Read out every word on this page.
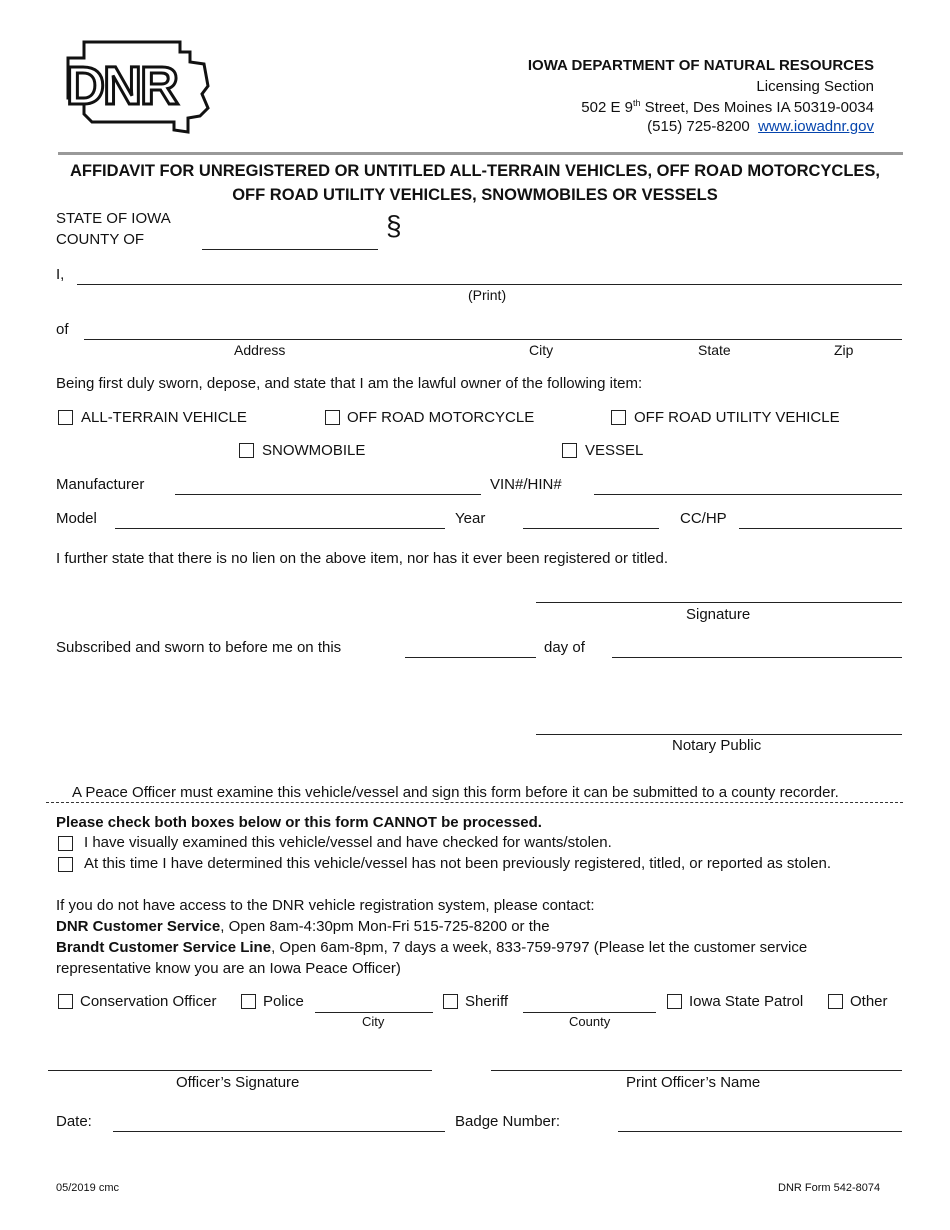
DNR	IOWA DEPARTMENT OF NATURAL RESOURCES
Licensing Section
502 E 9th Street, Des Moines IA 50319-0034
(515) 725-8200 www.iowadnr.gov
AFFIDAVIT FOR UNREGISTERED OR UNTITLED ALL-TERRAIN VEHICLES, OFF ROAD MOTORCYCLES,
OFF ROAD UTILITY VEHICLES, SNOWMOBILES OR VESSELS
STATE OF IOWA
COUNTY OF	§
I,
(Print)
of
Address	City	State	Zip
Being first duly sworn, depose, and state that I am the lawful owner of the following item:
ALL-TERRAIN VEHICLE	OFF ROAD MOTORCYCLE	OFF ROAD UTILITY VEHICLE
SNOWMOBILE	VESSEL
Manufacturer	VIN#/HIN#
Model	Year	CC/HP
I further state that there is no lien on the above item, nor has it ever been registered or titled.
Signature
Subscribed and sworn to before me on this	day of
Notary Public
A Peace Officer must examine this vehicle/vessel and sign this form before it can be submitted to a county recorder.
Please check both boxes below or this form CANNOT be processed.
I have visually examined this vehicle/vessel and have checked for wants/stolen.
At this time I have determined this vehicle/vessel has not been previously registered, titled, or reported as stolen.
If you do not have access to the DNR vehicle registration system, please contact:
DNR Customer Service, Open 8am-4:30pm Mon-Fri 515-725-8200 or the
Brandt Customer Service Line, Open 6am-8pm, 7 days a week, 833-759-9797 (Please let the customer service
representative know you are an Iowa Peace Officer)
Conservation Officer	Police
City
Sheriff
County
Iowa State Patrol	Other
Officer’s Signature	Print Officer’s Name
Date:	Badge Number:
05/2019 cmc	DNR Form 542-8074
